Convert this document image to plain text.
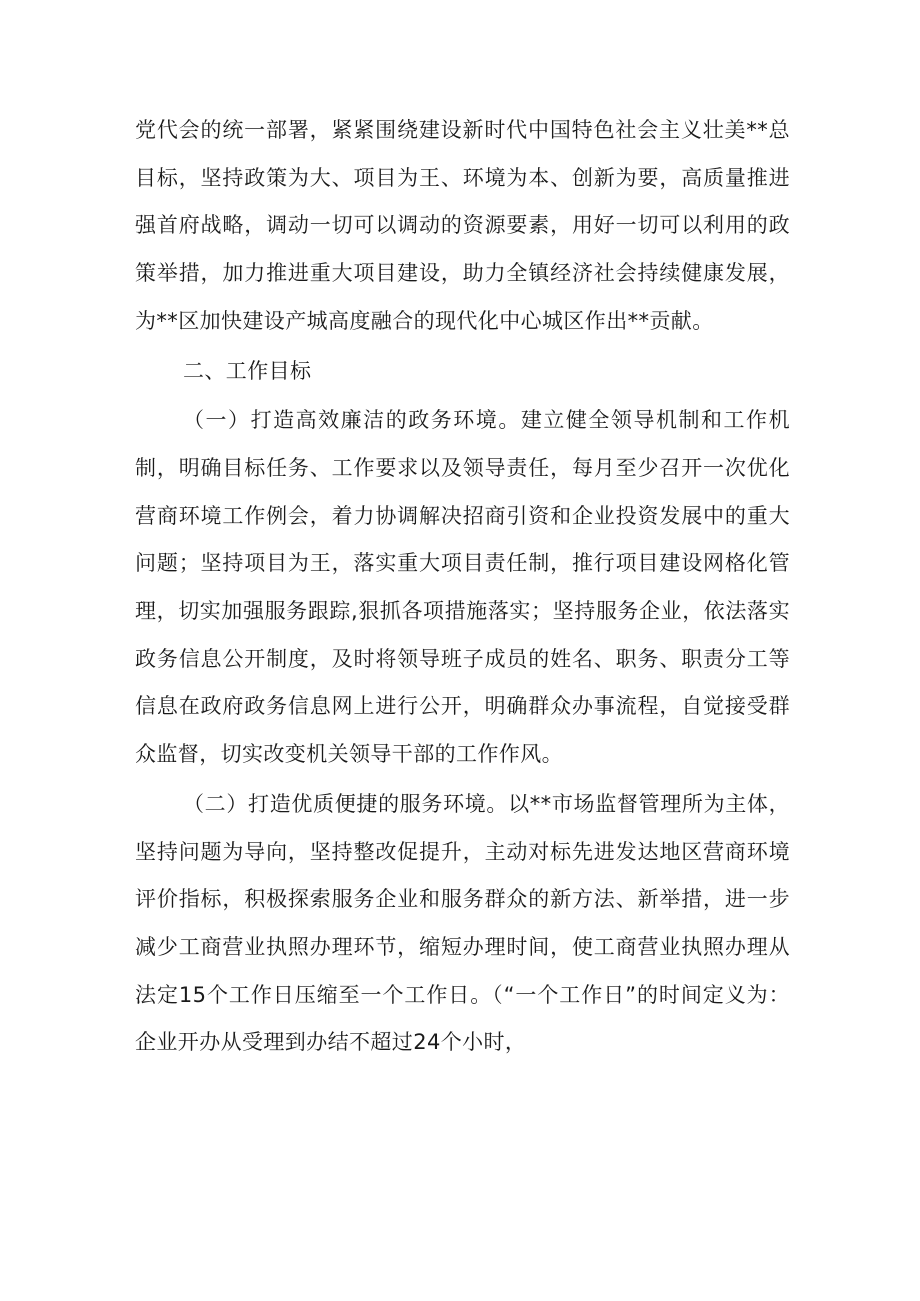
党代会的统一部署，紧紧围绕建设新时代中国特色社会主义壮美**总目标，坚持政策为大、项目为王、环境为本、创新为要，高质量推进强首府战略，调动一切可以调动的资源要素，用好一切可以利用的政策举措，加力推进重大项目建设，助力全镇经济社会持续健康发展，为**区加快建设产城高度融合的现代化中心城区作出**贡献。

二、工作目标

（一）打造高效廉洁的政务环境。建立健全领导机制和工作机制，明确目标任务、工作要求以及领导责任，每月至少召开一次优化营商环境工作例会，着力协调解决招商引资和企业投资发展中的重大问题；坚持项目为王，落实重大项目责任制，推行项目建设网格化管理，切实加强服务跟踪,狠抓各项措施落实；坚持服务企业，依法落实政务信息公开制度，及时将领导班子成员的姓名、职务、职责分工等信息在政府政务信息网上进行公开，明确群众办事流程，自觉接受群众监督，切实改变机关领导干部的工作作风。

（二）打造优质便捷的服务环境。以**市场监督管理所为主体，坚持问题为导向，坚持整改促提升，主动对标先进发达地区营商环境评价指标，积极探索服务企业和服务群众的新方法、新举措，进一步减少工商营业执照办理环节，缩短办理时间，使工商营业执照办理从法定15个工作日压缩至一个工作日。（“一个工作日”的时间定义为：企业开办从受理到办结不超过24个小时，
